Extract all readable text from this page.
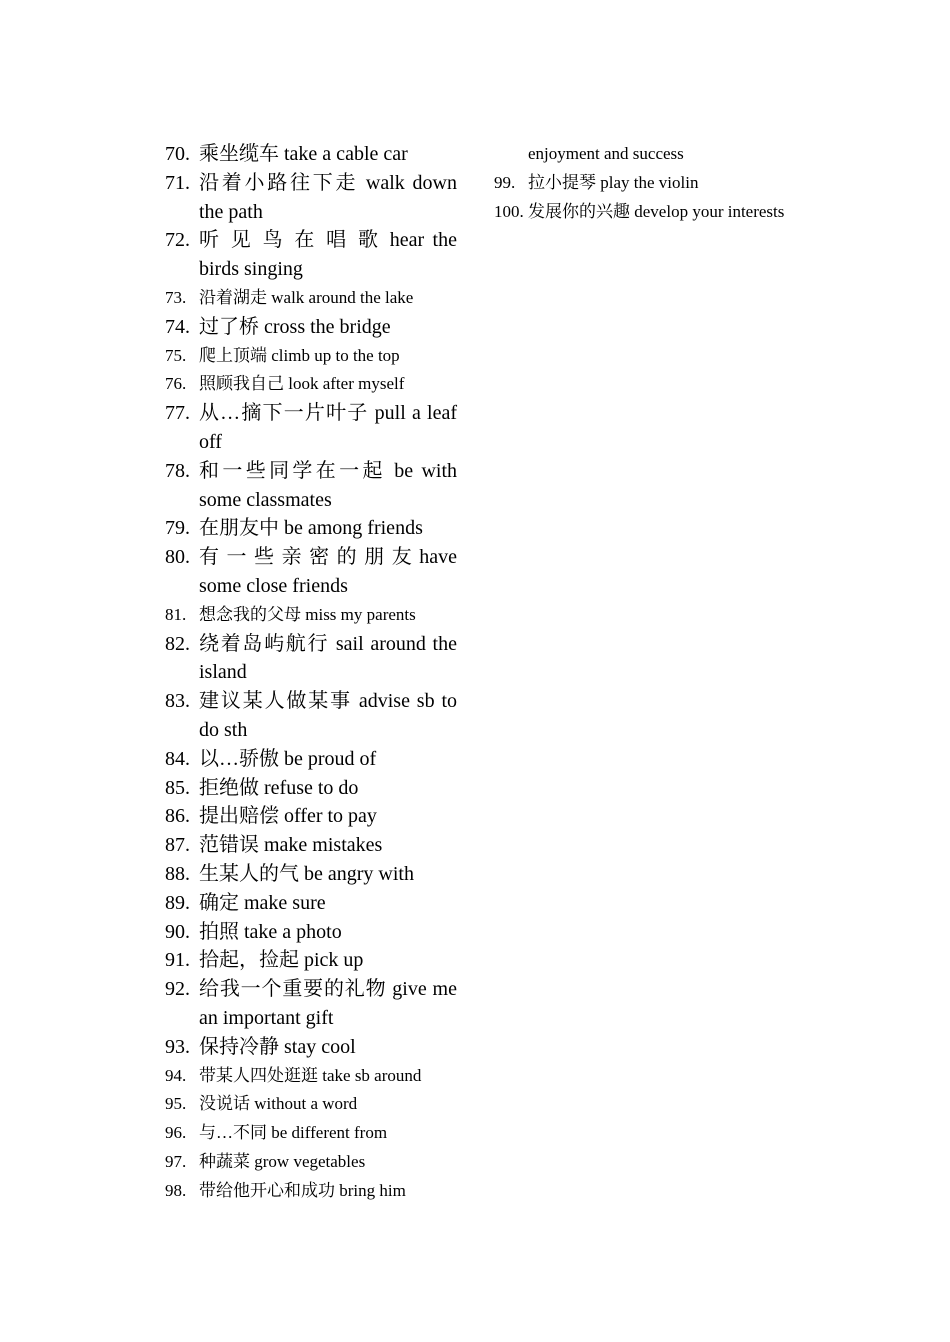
70. 乘坐缆车 take a cable car
71. 沿着小路往下走 walk down the path
72. 听 见 鸟 在 唱 歌 hear the birds singing
73. 沿着湖走 walk around the lake
74. 过了桥 cross the bridge
75. 爬上顶端 climb up to the top
76. 照顾我自己 look after myself
77. 从…摘下一片叶子 pull a leaf off
78. 和一些同学在一起 be with some classmates
79. 在朋友中 be among friends
80. 有 一 些 亲 密 的 朋 友 have some close friends
81. 想念我的父母 miss my parents
82. 绕着岛屿航行 sail around the island
83. 建议某人做某事 advise sb to do sth
84. 以…骄傲 be proud of
85. 拒绝做 refuse to do
86. 提出赔偿 offer to pay
87. 范错误 make mistakes
88. 生某人的气 be angry with
89. 确定 make sure
90. 拍照 take a photo
91. 拾起，捡起 pick up
92. 给我一个重要的礼物 give me an important gift
93. 保持冷静 stay cool
94. 带某人四处逛逛 take sb around
95. 没说话 without a word
96. 与…不同 be different from
97. 种蔬菜 grow vegetables
98. 带给他开心和成功 bring him
enjoyment and success
99. 拉小提琴 play the violin
100. 发展你的兴趣 develop your interests
